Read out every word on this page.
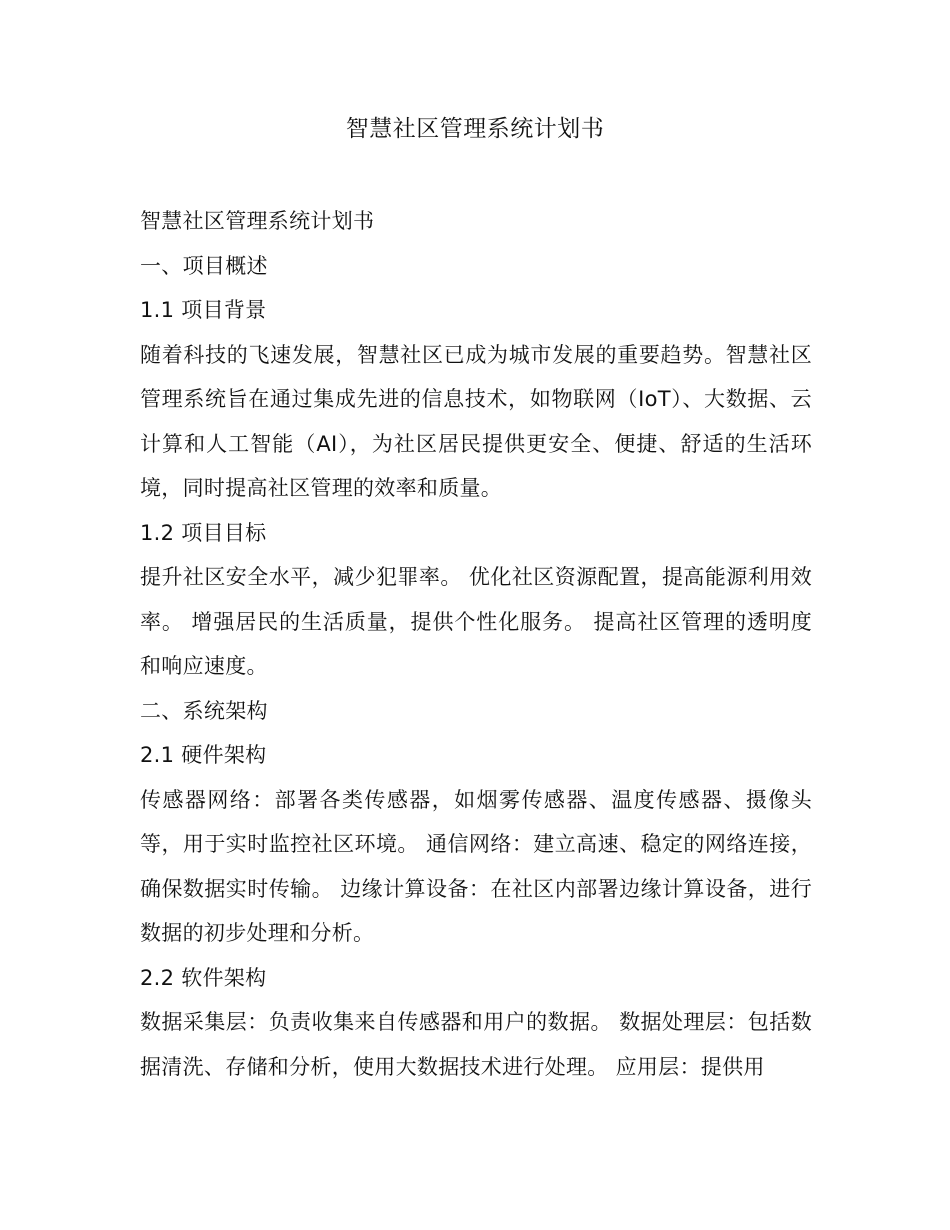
智慧社区管理系统计划书

智慧社区管理系统计划书

一、项目概述

1.1 项目背景

随着科技的飞速发展，智慧社区已成为城市发展的重要趋势。智慧社区管理系统旨在通过集成先进的信息技术，如物联网（IoT）、大数据、云计算和人工智能（AI），为社区居民提供更安全、便捷、舒适的生活环境，同时提高社区管理的效率和质量。

1.2 项目目标

提升社区安全水平，减少犯罪率。 优化社区资源配置，提高能源利用效率。 增强居民的生活质量，提供个性化服务。 提高社区管理的透明度和响应速度。

二、系统架构

2.1 硬件架构

传感器网络：部署各类传感器，如烟雾传感器、温度传感器、摄像头等，用于实时监控社区环境。 通信网络：建立高速、稳定的网络连接，确保数据实时传输。 边缘计算设备：在社区内部署边缘计算设备，进行数据的初步处理和分析。

2.2 软件架构

数据采集层：负责收集来自传感器和用户的数据。 数据处理层：包括数据清洗、存储和分析，使用大数据技术进行处理。 应用层：提供用
